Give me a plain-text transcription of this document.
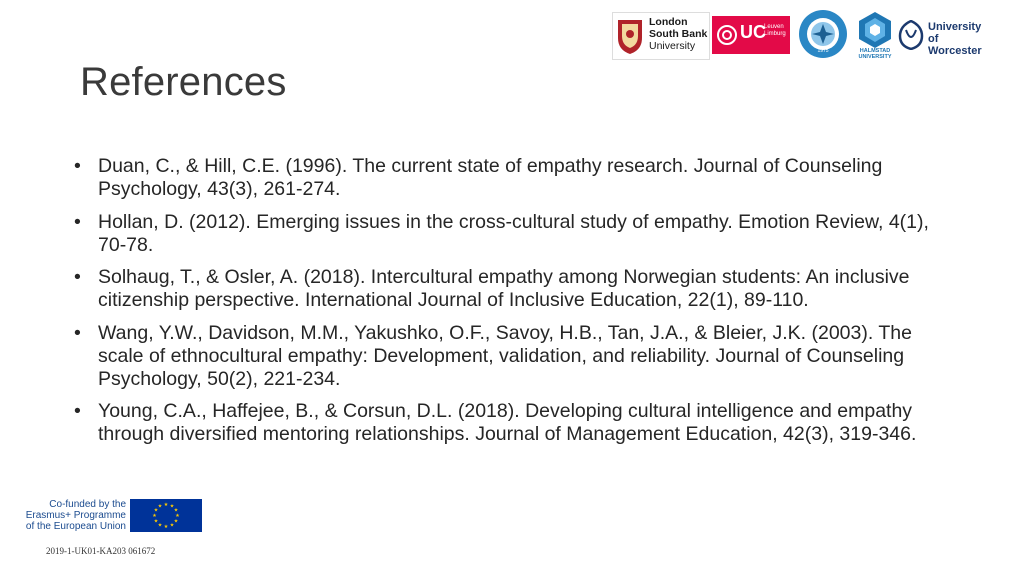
London
South Bank
University
UC
Leuven
Limburg
1975	HALMSTAD
UNIVERSITY
University
of Worcester
References
• Duan, C., & Hill, C.E. (1996). The current state of empathy research. Journal of Counseling Psychology, 43(3), 261-274.
• Hollan, D. (2012). Emerging issues in the cross-cultural study of empathy. Emotion Review, 4(1), 70-78.
• Solhaug, T., & Osler, A. (2018). Intercultural empathy among Norwegian students: An inclusive citizenship perspective. International Journal of Inclusive Education, 22(1), 89-110.
• Wang, Y.W., Davidson, M.M., Yakushko, O.F., Savoy, H.B., Tan, J.A., & Bleier, J.K. (2003). The scale of ethnocultural empathy: Development, validation, and reliability. Journal of Counseling Psychology, 50(2), 221-234.
• Young, C.A., Haffejee, B., & Corsun, D.L. (2018). Developing cultural intelligence and empathy through diversified mentoring relationships. Journal of Management Education, 42(3), 319-346.
Co-funded by the
Erasmus+ Programme
of the European Union
★ ★
★
★
★
★
★
★
★
★
★
★
2019-1-UK01-KA203 061672
